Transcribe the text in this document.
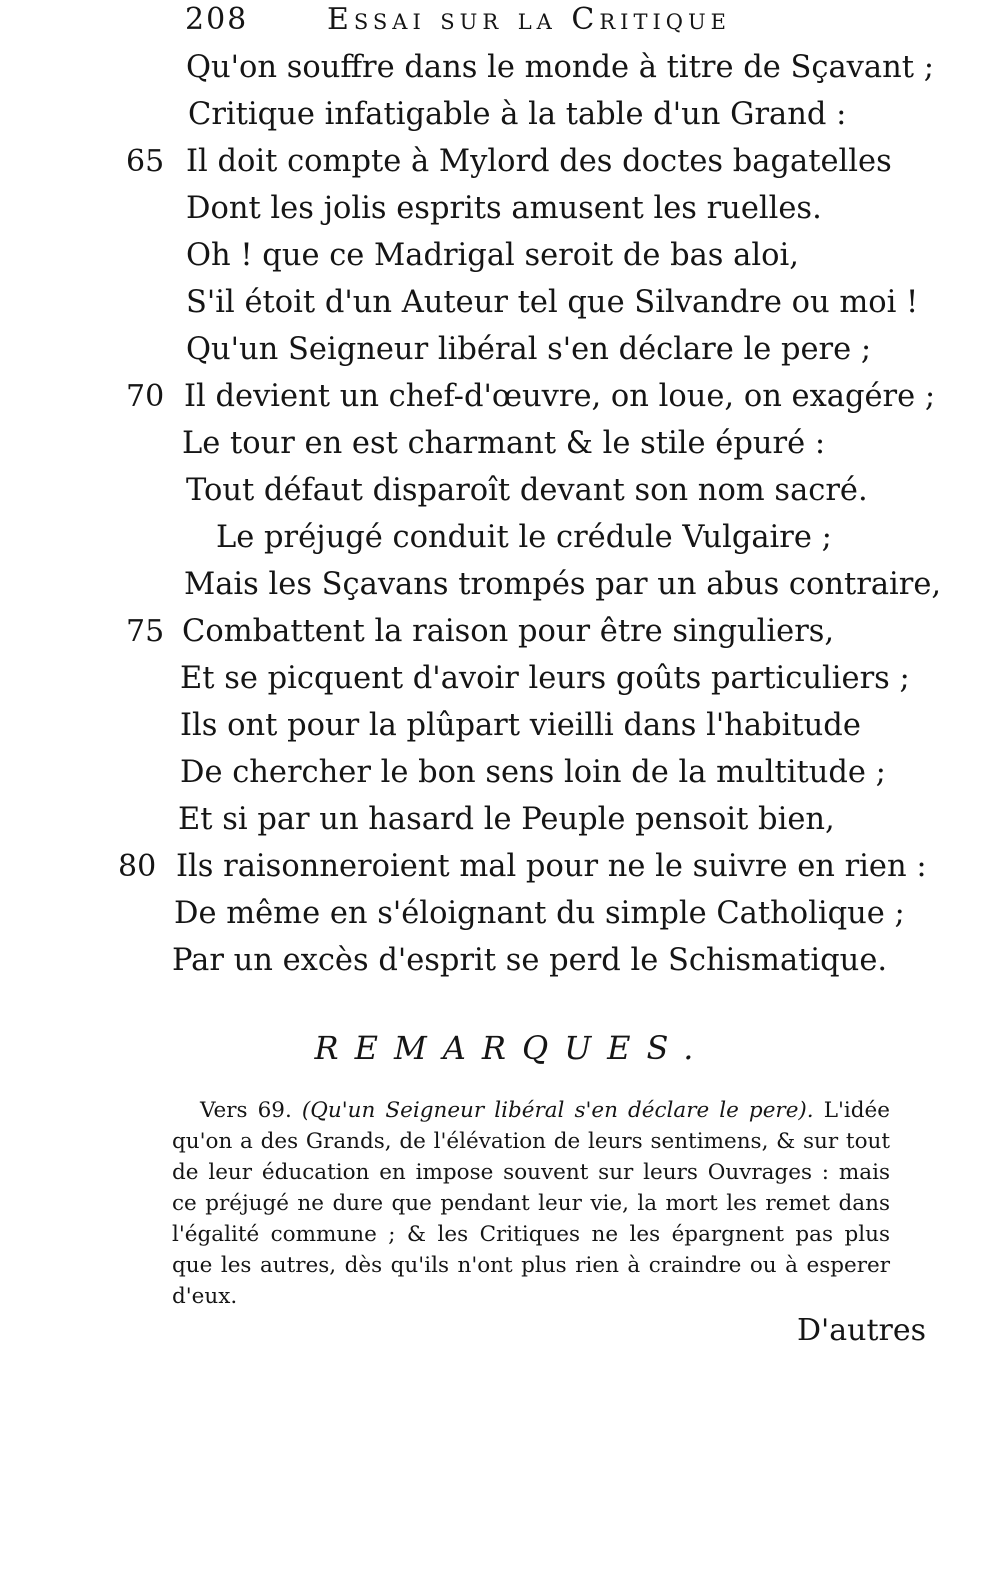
208	Essai sur la Critique
Qu'on souffre dans le monde à titre de Sçavant ;
Critique infatigable à la table d'un Grand :
65 Il doit compte à Mylord des doctes bagatelles
Dont les jolis esprits amusent les ruelles.
Oh ! que ce Madrigal seroit de bas aloi,
S'il étoit d'un Auteur tel que Silvandre ou moi !
Qu'un Seigneur libéral s'en déclare le pere ;
70 Il devient un chef-d'œuvre, on loue, on exagére ;
Le tour en est charmant & le stile épuré :
Tout défaut disparoît devant son nom sacré.
Le préjugé conduit le crédule Vulgaire ;
Mais les Sçavans trompés par un abus contraire,
75 Combattent la raison pour être singuliers,
Et se picquent d'avoir leurs goûts particuliers ;
Ils ont pour la plûpart vieilli dans l'habitude
De chercher le bon sens loin de la multitude ;
Et si par un hasard le Peuple pensoit bien,
80 Ils raisonneroient mal pour ne le suivre en rien :
De même en s'éloignant du simple Catholique ;
Par un excès d'esprit se perd le Schismatique.
REMARQUES.
Vers 69. (Qu'un Seigneur libéral s'en déclare le pere). L'idée qu'on a des Grands, de l'élévation de leurs sentimens, & sur tout de leur éducation en impose souvent sur leurs Ouvrages : mais ce préjugé ne dure que pendant leur vie, la mort les remet dans l'égalité commune ; & les Critiques ne les épargnent pas plus que les autres, dès qu'ils n'ont plus rien à craindre ou à esperer d'eux.
D'autres
